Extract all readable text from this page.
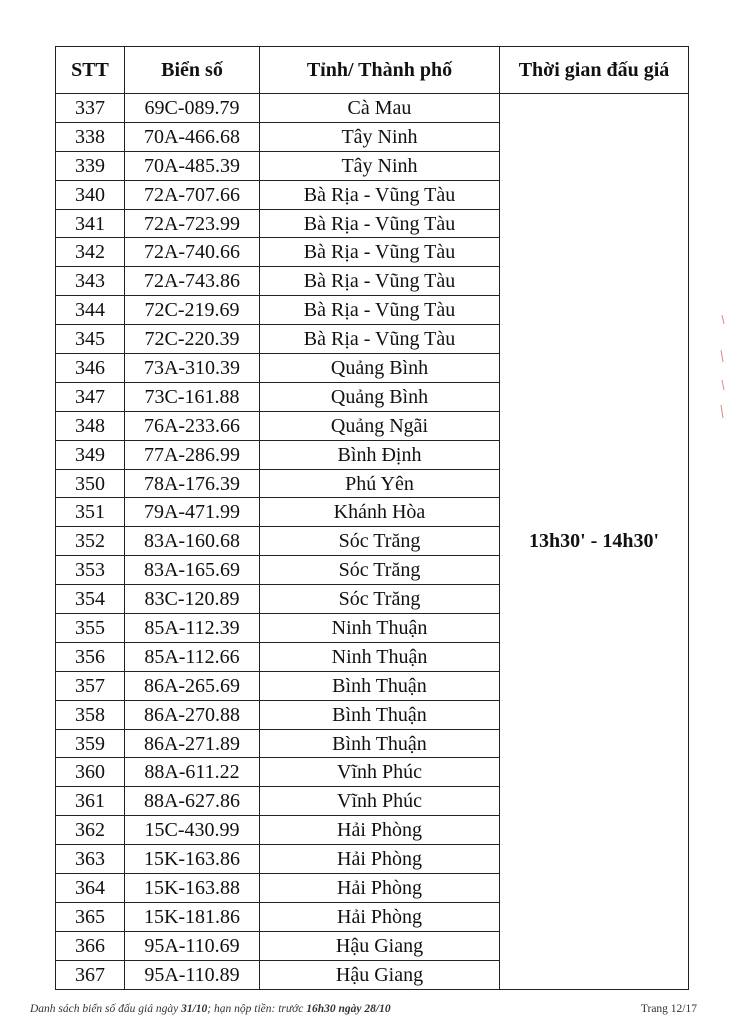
STT	Biển số	Tỉnh/ Thành phố	Thời gian đấu giá
337	69C-089.79	Cà Mau	13h30' - 14h30'
338	70A-466.68	Tây Ninh	
339	70A-485.39	Tây Ninh	
340	72A-707.66	Bà Rịa - Vũng Tàu	
341	72A-723.99	Bà Rịa - Vũng Tàu	
342	72A-740.66	Bà Rịa - Vũng Tàu	
343	72A-743.86	Bà Rịa - Vũng Tàu	
344	72C-219.69	Bà Rịa - Vũng Tàu	
345	72C-220.39	Bà Rịa - Vũng Tàu	
346	73A-310.39	Quảng Bình	
347	73C-161.88	Quảng Bình	
348	76A-233.66	Quảng Ngãi	
349	77A-286.99	Bình Định	
350	78A-176.39	Phú Yên	
351	79A-471.99	Khánh Hòa	
352	83A-160.68	Sóc Trăng	
353	83A-165.69	Sóc Trăng	
354	83C-120.89	Sóc Trăng	
355	85A-112.39	Ninh Thuận	
356	85A-112.66	Ninh Thuận	
357	86A-265.69	Bình Thuận	
358	86A-270.88	Bình Thuận	
359	86A-271.89	Bình Thuận	
360	88A-611.22	Vĩnh Phúc	
361	88A-627.86	Vĩnh Phúc	
362	15C-430.99	Hải Phòng	
363	15K-163.86	Hải Phòng	
364	15K-163.88	Hải Phòng	
365	15K-181.86	Hải Phòng	
366	95A-110.69	Hậu Giang	
367	95A-110.89	Hậu Giang	
Danh sách biển số đấu giá ngày 31/10; hạn nộp tiền: trước 16h30 ngày 28/10	Trang 12/17
